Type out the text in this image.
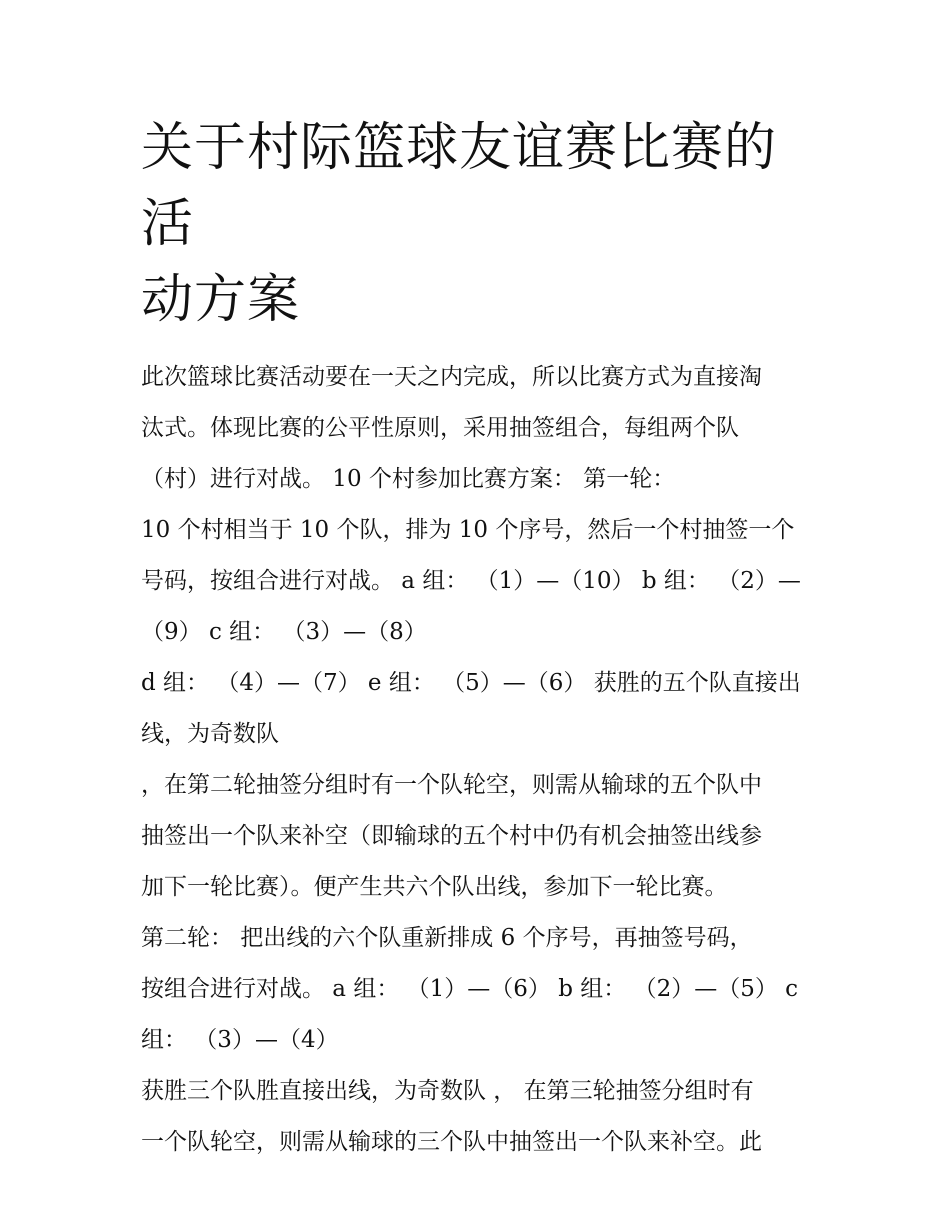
关于村际篮球友谊赛比赛的活
动方案

此次篮球比赛活动要在一天之内完成，所以比赛方式为直接淘

汰式。体现比赛的公平性原则，采用抽签组合，每组两个队

（村）进行对战。 10 个村参加比赛方案： 第一轮：

10 个村相当于 10 个队，排为 10 个序号，然后一个村抽签一个

号码，按组合进行对战。 a 组： （1）—（10） b 组： （2）—

（9） c 组： （3）—（8）

d 组： （4）—（7） e 组： （5）—（6） 获胜的五个队直接出

线，为奇数队

，在第二轮抽签分组时有一个队轮空，则需从输球的五个队中

抽签出一个队来补空（即输球的五个村中仍有机会抽签出线参

加下一轮比赛）。便产生共六个队出线，参加下一轮比赛。

第二轮： 把出线的六个队重新排成 6 个序号，再抽签号码，

按组合进行对战。 a 组： （1）—（6） b 组： （2）—（5） c

组： （3）—（4）

获胜三个队胜直接出线，为奇数队 ， 在第三轮抽签分组时有

一个队轮空，则需从输球的三个队中抽签出一个队来补空。此
